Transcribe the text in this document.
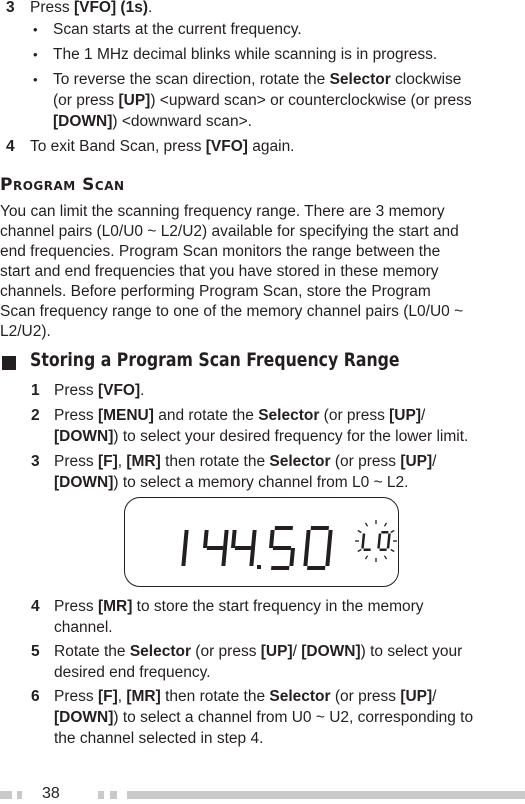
3 Press [VFO] (1s).
• Scan starts at the current frequency.
• The 1 MHz decimal blinks while scanning is in progress.
• To reverse the scan direction, rotate the Selector clockwise
(or press [UP]) <upward scan> or counterclockwise (or press
[DOWN]) <downward scan>.
4 To exit Band Scan, press [VFO] again.
Program Scan
You can limit the scanning frequency range. There are 3 memory
channel pairs (L0/U0 ~ L2/U2) available for specifying the start and
end frequencies. Program Scan monitors the range between the
start and end frequencies that you have stored in these memory
channels. Before performing Program Scan, store the Program
Scan frequency range to one of the memory channel pairs (L0/U0 ~
L2/U2).
Storing a Program Scan Frequency Range
1 Press [VFO].
2 Press [MENU] and rotate the Selector (or press [UP]/
[DOWN]) to select your desired frequency for the lower limit.
3 Press [F], [MR] then rotate the Selector (or press [UP]/
[DOWN]) to select a memory channel from L0 ~ L2.
4 Press [MR] to store the start frequency in the memory
channel.
5 Rotate the Selector (or press [UP]/ [DOWN]) to select your
desired end frequency.
6 Press [F], [MR] then rotate the Selector (or press [UP]/
[DOWN]) to select a channel from U0 ~ U2, corresponding to
the channel selected in step 4.
38
